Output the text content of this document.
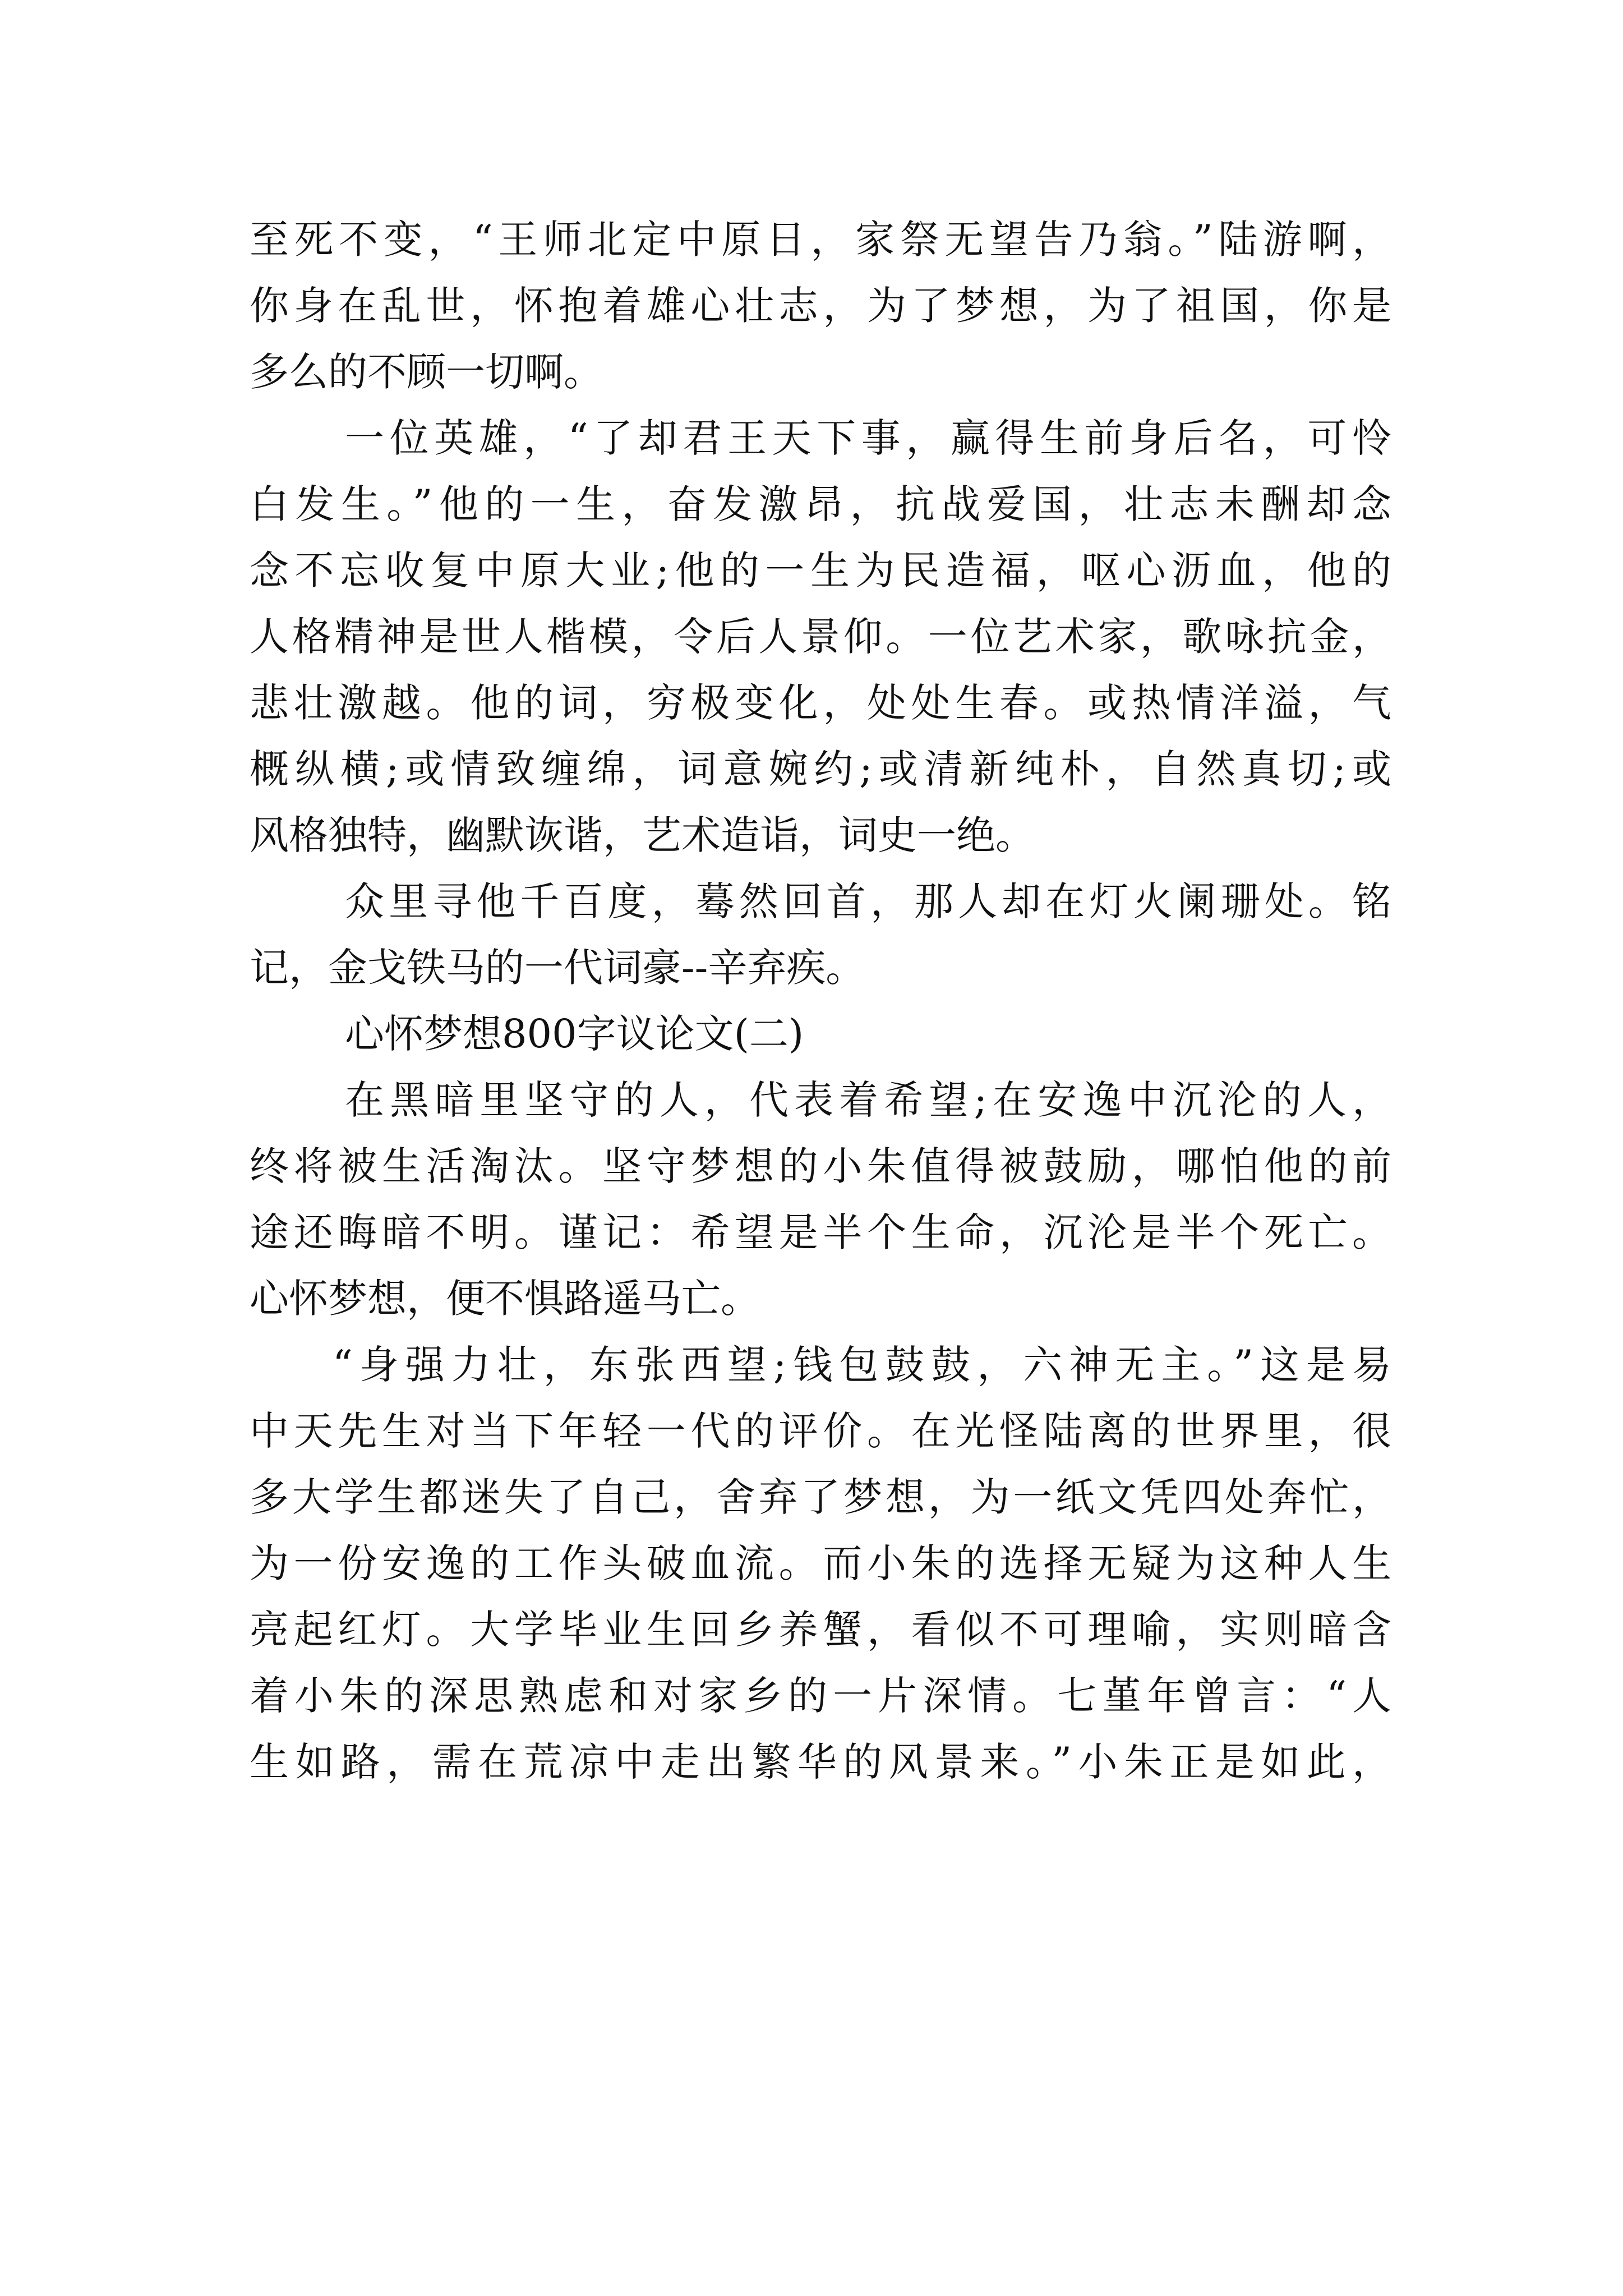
至死不变，“王师北定中原日，家祭无望告乃翁。”陆游啊，
你身在乱世，怀抱着雄心壮志，为了梦想，为了祖国，你是
多么的不顾一切啊。
一位英雄，“了却君王天下事，赢得生前身后名，可怜
白发生。”他的一生，奋发激昂，抗战爱国，壮志未酬却念
念不忘收复中原大业;他的一生为民造福，呕心沥血，他的
人格精神是世人楷模，令后人景仰。一位艺术家，歌咏抗金，
悲壮激越。他的词，穷极变化，处处生春。或热情洋溢，气
概纵横;或情致缠绵，词意婉约;或清新纯朴，自然真切;或
风格独特，幽默诙谐，艺术造诣，词史一绝。
众里寻他千百度，蓦然回首，那人却在灯火阑珊处。铭
记，金戈铁马的一代词豪--辛弃疾。
心怀梦想800字议论文(二)
在黑暗里坚守的人，代表着希望;在安逸中沉沦的人，
终将被生活淘汰。坚守梦想的小朱值得被鼓励，哪怕他的前
途还晦暗不明。谨记：希望是半个生命，沉沦是半个死亡。
心怀梦想，便不惧路遥马亡。
“身强力壮，东张西望;钱包鼓鼓，六神无主。”这是易
中天先生对当下年轻一代的评价。在光怪陆离的世界里，很
多大学生都迷失了自己，舍弃了梦想，为一纸文凭四处奔忙，
为一份安逸的工作头破血流。而小朱的选择无疑为这种人生
亮起红灯。大学毕业生回乡养蟹，看似不可理喻，实则暗含
着小朱的深思熟虑和对家乡的一片深情。七堇年曾言：“人
生如路，需在荒凉中走出繁华的风景来。”小朱正是如此，
